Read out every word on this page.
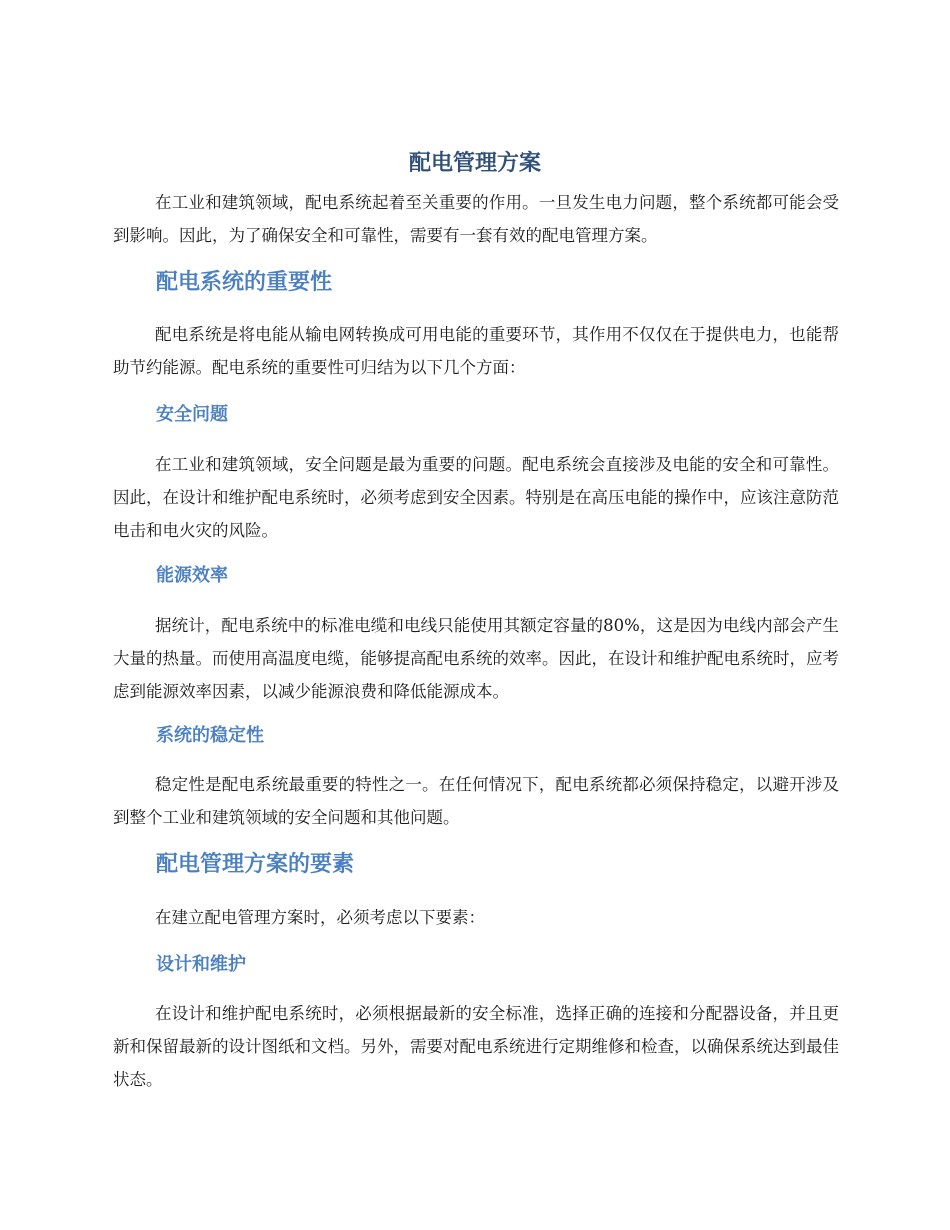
配电管理方案

在工业和建筑领域，配电系统起着至关重要的作用。一旦发生电力问题，整个系统都可能会受到影响。因此，为了确保安全和可靠性，需要有一套有效的配电管理方案。

配电系统的重要性

配电系统是将电能从输电网转换成可用电能的重要环节，其作用不仅仅在于提供电力，也能帮助节约能源。配电系统的重要性可归结为以下几个方面：

安全问题

在工业和建筑领域，安全问题是最为重要的问题。配电系统会直接涉及电能的安全和可靠性。因此，在设计和维护配电系统时，必须考虑到安全因素。特别是在高压电能的操作中，应该注意防范电击和电火灾的风险。

能源效率

据统计，配电系统中的标准电缆和电线只能使用其额定容量的80%，这是因为电线内部会产生大量的热量。而使用高温度电缆，能够提高配电系统的效率。因此，在设计和维护配电系统时，应考虑到能源效率因素，以减少能源浪费和降低能源成本。

系统的稳定性

稳定性是配电系统最重要的特性之一。在任何情况下，配电系统都必须保持稳定，以避开涉及到整个工业和建筑领域的安全问题和其他问题。

配电管理方案的要素

在建立配电管理方案时，必须考虑以下要素：

设计和维护

在设计和维护配电系统时，必须根据最新的安全标准，选择正确的连接和分配器设备，并且更新和保留最新的设计图纸和文档。另外，需要对配电系统进行定期维修和检查，以确保系统达到最佳状态。
